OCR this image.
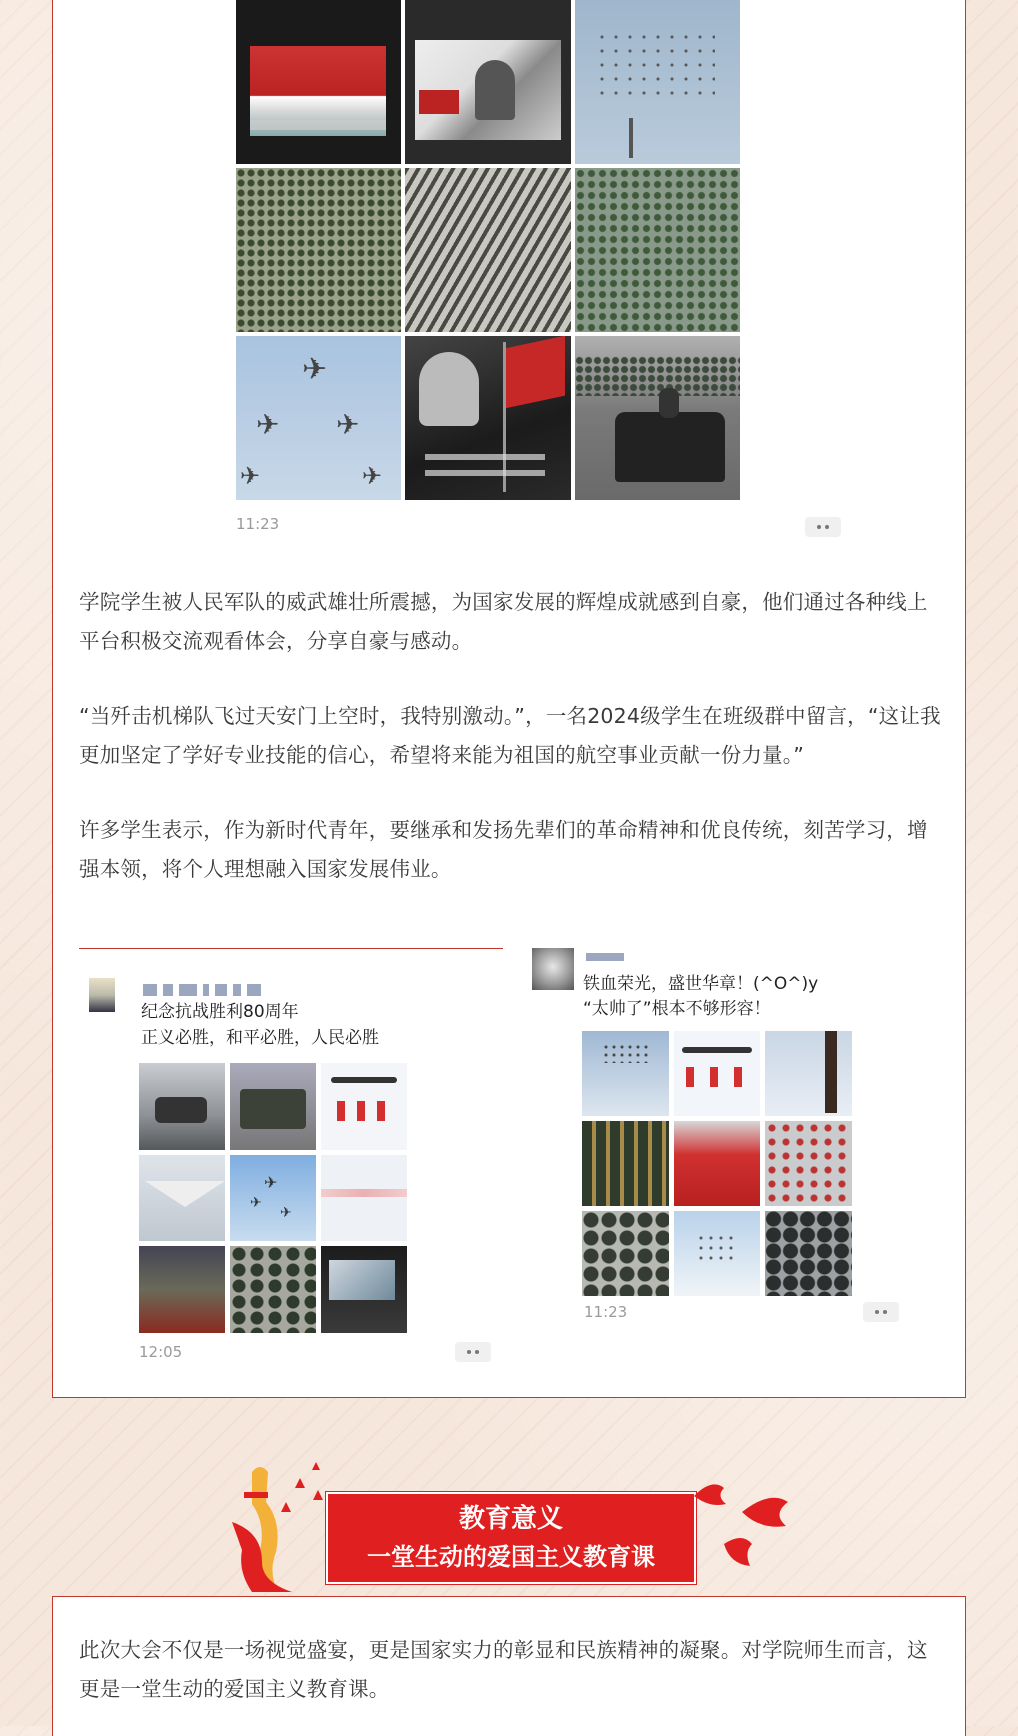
✈
✈ ✈
✈	✈
11:23

学院学生被人民军队的威武雄壮所震撼，为国家发展的辉煌成就感到自豪，他们通过各种线上平台积极交流观看体会，分享自豪与感动。

“当歼击机梯队飞过天安门上空时，我特别激动。”，一名2024级学生在班级群中留言，“这让我更加坚定了学好专业技能的信心，希望将来能为祖国的航空事业贡献一份力量。”

许多学生表示，作为新时代青年，要继承和发扬先辈们的革命精神和优良传统，刻苦学习，增强本领，将个人理想融入国家发展伟业。

纪念抗战胜利80周年

正义必胜，和平必胜，人民必胜

✈
✈
✈
12:05

铁血荣光，盛世华章！(^O^)y

“太帅了”根本不够形容！

11:23
教育意义
一堂生动的爱国主义教育课

此次大会不仅是一场视觉盛宴，更是国家实力的彰显和民族精神的凝聚。对学院师生而言，这更是一堂生动的爱国主义教育课。
